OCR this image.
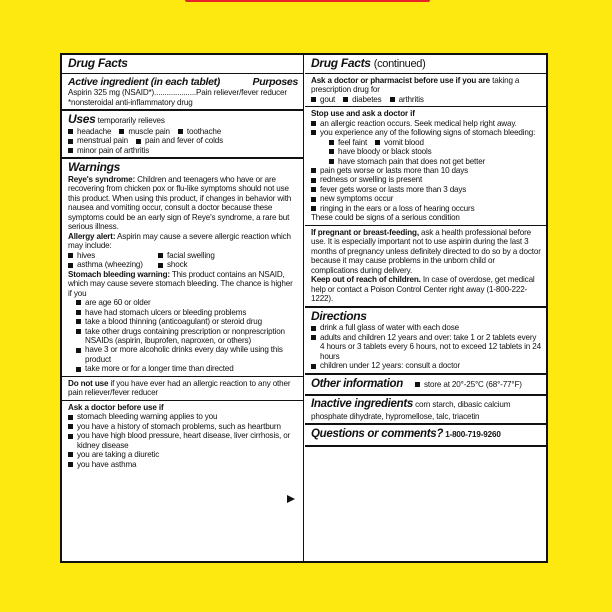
Drug Facts
Active ingredient (in each tablet)	Purposes
Aspirin 325 mg (NSAID*)....................Pain reliever/fever reducer
*nonsteroidal anti-inflammatory drug
Uses temporarily relieves
headache muscle pain toothache
menstrual pain pain and fever of colds
minor pain of arthritis
Warnings
Reye's syndrome: Children and teenagers who have or are recovering from chicken pox or flu-like symptoms should not use this product. When using this product, if changes in behavior with nausea and vomiting occur, consult a doctor because these symptoms could be an early sign of Reye's syndrome, a rare but serious illness.
Allergy alert: Aspirin may cause a severe allergic reaction which may include:
hives	facial swelling
asthma (wheezing)	shock
Stomach bleeding warning: This product contains an NSAID, which may cause severe stomach bleeding. The chance is higher if you
are age 60 or older
have had stomach ulcers or bleeding problems
take a blood thinning (anticoagulant) or steroid drug
take other drugs containing prescription or nonprescription NSAIDs (aspirin, ibuprofen, naproxen, or others)
have 3 or more alcoholic drinks every day while using this product
take more or for a longer time than directed
Do not use if you have ever had an allergic reaction to any other pain reliever/fever reducer
Ask a doctor before use if
stomach bleeding warning applies to you
you have a history of stomach problems, such as heartburn
you have high blood pressure, heart disease, liver cirrhosis, or kidney disease
you are taking a diuretic
you have asthma
Drug Facts (continued)
Ask a doctor or pharmacist before use if you are taking a prescription drug for
gout diabetes arthritis
Stop use and ask a doctor if
an allergic reaction occurs. Seek medical help right away.
you experience any of the following signs of stomach bleeding:
feel faint vomit blood
have bloody or black stools
have stomach pain that does not get better
pain gets worse or lasts more than 10 days
redness or swelling is present
fever gets worse or lasts more than 3 days
new symptoms occur
ringing in the ears or a loss of hearing occurs
These could be signs of a serious condition
If pregnant or breast-feeding, ask a health professional before use. It is especially important not to use aspirin during the last 3 months of pregnancy unless definitely directed to do so by a doctor because it may cause problems in the unborn child or complications during delivery.
Keep out of reach of children. In case of overdose, get medical help or contact a Poison Control Center right away (1-800-222-1222).
Directions
drink a full glass of water with each dose
adults and children 12 years and over: take 1 or 2 tablets every 4 hours or 3 tablets every 6 hours, not to exceed 12 tablets in 24 hours
children under 12 years: consult a doctor
Other information	store at 20°-25°C (68°-77°F)
Inactive ingredients corn starch, dibasic calcium phosphate dihydrate, hypromellose, talc, triacetin
Questions or comments? 1-800-719-9260
